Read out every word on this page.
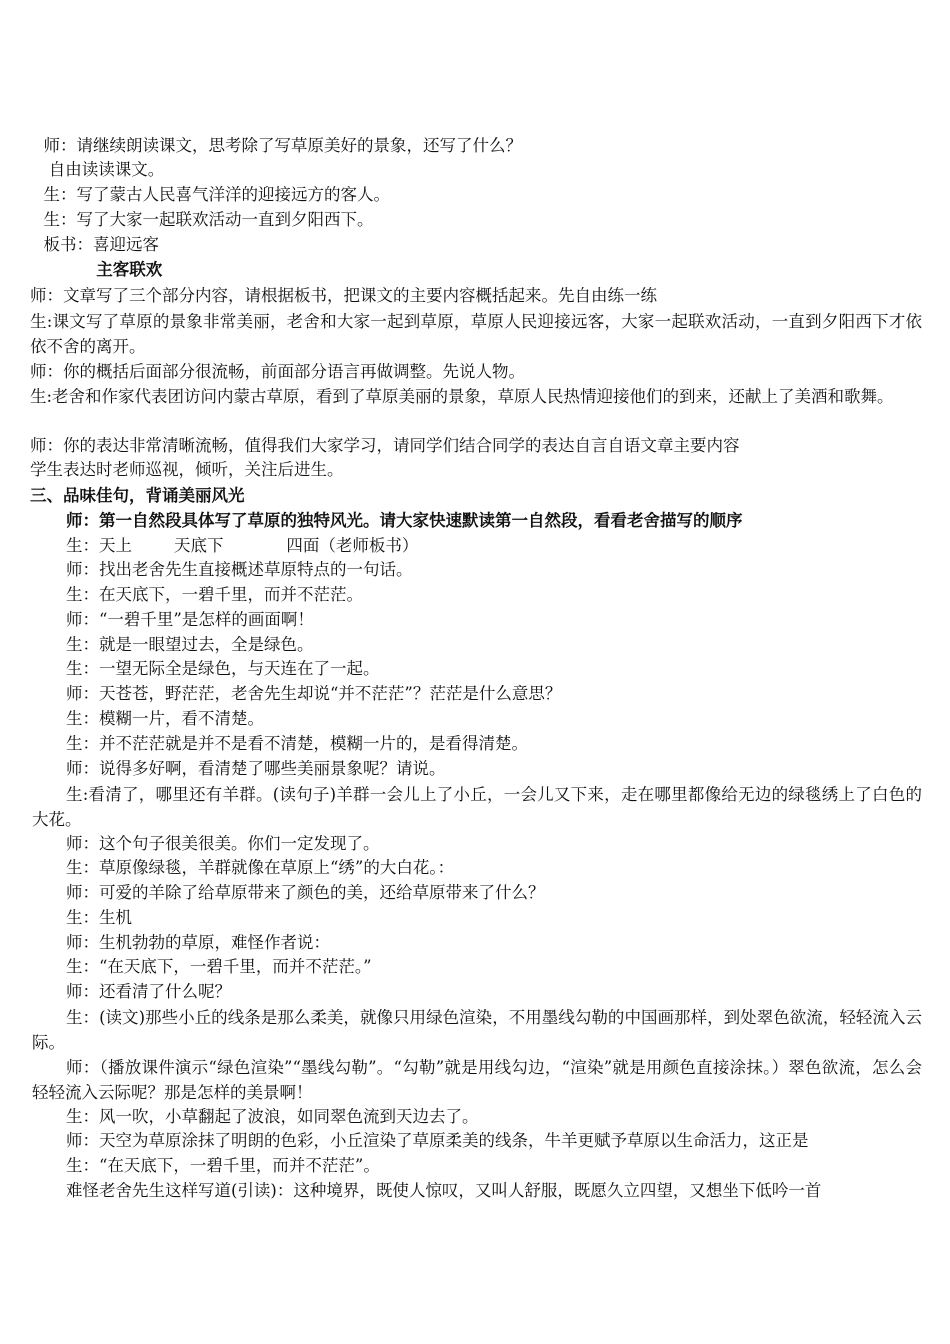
师：请继续朗读课文，思考除了写草原美好的景象，还写了什么？
自由读读课文。
生：写了蒙古人民喜气洋洋的迎接远方的客人。
生：写了大家一起联欢活动一直到夕阳西下。
板书：喜迎远客
主客联欢
师：文章写了三个部分内容，请根据板书，把课文的主要内容概括起来。先自由练一练
生:课文写了草原的景象非常美丽，老舍和大家一起到草原，草原人民迎接远客，大家一起联欢活动，一直到夕阳西下才依依不舍的离开。
师：你的概括后面部分很流畅，前面部分语言再做调整。先说人物。
生:老舍和作家代表团访问内蒙古草原，看到了草原美丽的景象，草原人民热情迎接他们的到来，还献上了美酒和歌舞。
师：你的表达非常清晰流畅，值得我们大家学习，请同学们结合同学的表达自言自语文章主要内容
学生表达时老师巡视，倾听，关注后进生。
三、品味佳句，背诵美丽风光
师：第一自然段具体写了草原的独特风光。请大家快速默读第一自然段，看看老舍描写的顺序
生：天上        天底下            四面（老师板书）
师：找出老舍先生直接概述草原特点的一句话。
生：在天底下，一碧千里，而并不茫茫。
师：“一碧千里”是怎样的画面啊！
生：就是一眼望过去，全是绿色。
生：一望无际全是绿色，与天连在了一起。
师：天苍苍，野茫茫，老舍先生却说“并不茫茫”？茫茫是什么意思？
生：模糊一片，看不清楚。
生：并不茫茫就是并不是看不清楚，模糊一片的，是看得清楚。
师：说得多好啊，看清楚了哪些美丽景象呢？请说。
生:看清了，哪里还有羊群。(读句子)羊群一会儿上了小丘，一会儿又下来，走在哪里都像给无边的绿毯绣上了白色的大花。
师：这个句子很美很美。你们一定发现了。
生：草原像绿毯，羊群就像在草原上“绣”的大白花。：
师：可爱的羊除了给草原带来了颜色的美，还给草原带来了什么？
生：生机
师：生机勃勃的草原，难怪作者说：
生：“在天底下，一碧千里，而并不茫茫。”
师：还看清了什么呢？
生：(读文)那些小丘的线条是那么柔美，就像只用绿色渲染，不用墨线勾勒的中国画那样，到处翠色欲流，轻轻流入云际。
师：（播放课件演示“绿色渲染”“墨线勾勒”。“勾勒”就是用线勾边，“渲染”就是用颜色直接涂抹。）翠色欲流，怎么会轻轻流入云际呢？那是怎样的美景啊！
生：风一吹，小草翻起了波浪，如同翠色流到天边去了。
师：天空为草原涂抹了明朗的色彩，小丘渲染了草原柔美的线条，牛羊更赋予草原以生命活力，这正是
生：“在天底下，一碧千里，而并不茫茫”。
难怪老舍先生这样写道(引读)：这种境界，既使人惊叹，又叫人舒服，既愿久立四望，又想坐下低吟一首
